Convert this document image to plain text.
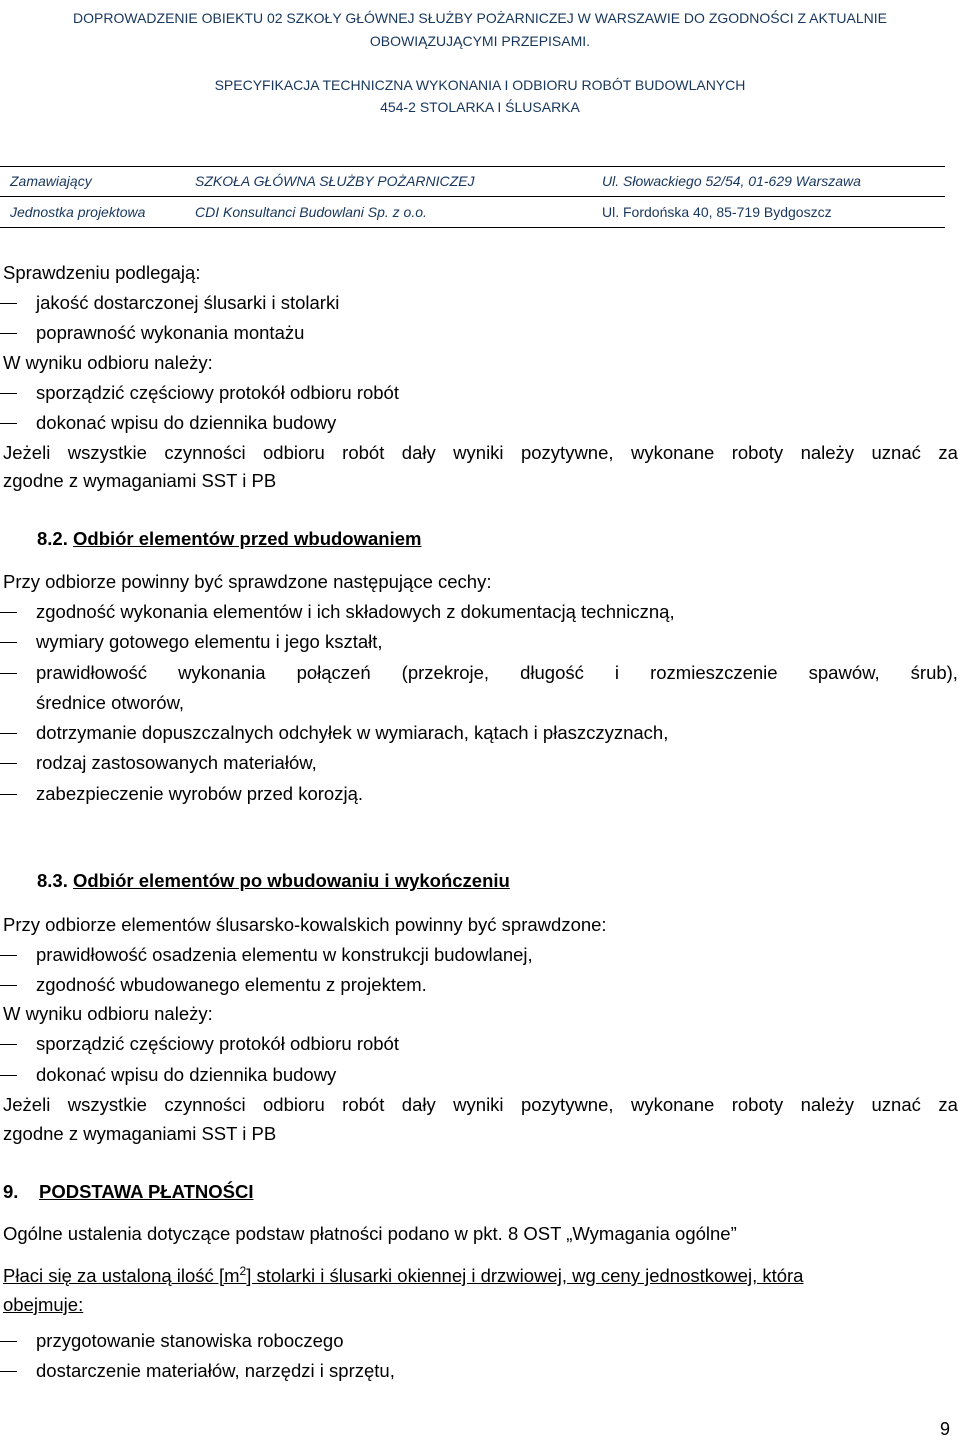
DOPROWADZENIE OBIEKTU 02 SZKOŁY GŁÓWNEJ SŁUŻBY POŻARNICZEJ W WARSZAWIE DO ZGODNOŚCI Z AKTUALNIE
OBOWIĄZUJĄCYMI PRZEPISAMI.
SPECYFIKACJA TECHNICZNA WYKONANIA I ODBIORU ROBÓT BUDOWLANYCH
454-2 STOLARKA I ŚLUSARKA
Zamawiający	SZKOŁA GŁÓWNA SŁUŻBY POŻARNICZEJ	Ul. Słowackiego 52/54, 01-629 Warszawa
Jednostka projektowa	CDI Konsultanci Budowlani Sp. z o.o.	Ul. Fordońska 40, 85-719 Bydgoszcz
Sprawdzeniu podlegają:
jakość dostarczonej ślusarki i stolarki
poprawność wykonania montażu
W wyniku odbioru należy:
sporządzić częściowy protokół odbioru robót
dokonać wpisu do dziennika budowy
Jeżeli wszystkie czynności odbioru robót dały wyniki pozytywne, wykonane roboty należy uznać za
zgodne z wymaganiami SST i PB
8.2. Odbiór elementów przed wbudowaniem
Przy odbiorze powinny być sprawdzone następujące cechy:
zgodność wykonania elementów i ich składowych z dokumentacją techniczną,
wymiary gotowego elementu i jego kształt,
prawidłowość wykonania połączeń (przekroje, długość i rozmieszczenie spawów, śrub),
średnice otworów,
dotrzymanie dopuszczalnych odchyłek w wymiarach, kątach i płaszczyznach,
rodzaj zastosowanych materiałów,
zabezpieczenie wyrobów przed korozją.
8.3. Odbiór elementów po wbudowaniu i wykończeniu
Przy odbiorze elementów ślusarsko-kowalskich powinny być sprawdzone:
prawidłowość osadzenia elementu w konstrukcji budowlanej,
zgodność wbudowanego elementu z projektem.
W wyniku odbioru należy:
sporządzić częściowy protokół odbioru robót
dokonać wpisu do dziennika budowy
Jeżeli wszystkie czynności odbioru robót dały wyniki pozytywne, wykonane roboty należy uznać za
zgodne z wymaganiami SST i PB
9. PODSTAWA PŁATNOŚCI
Ogólne ustalenia dotyczące podstaw płatności podano w pkt. 8 OST „Wymagania ogólne”
Płaci się za ustaloną ilość $[m^2]$ stolarki i ślusarki okiennej i drzwiowej, wg ceny jednostkowej, która
obejmuje:
przygotowanie stanowiska roboczego
dostarczenie materiałów, narzędzi i sprzętu,
9
